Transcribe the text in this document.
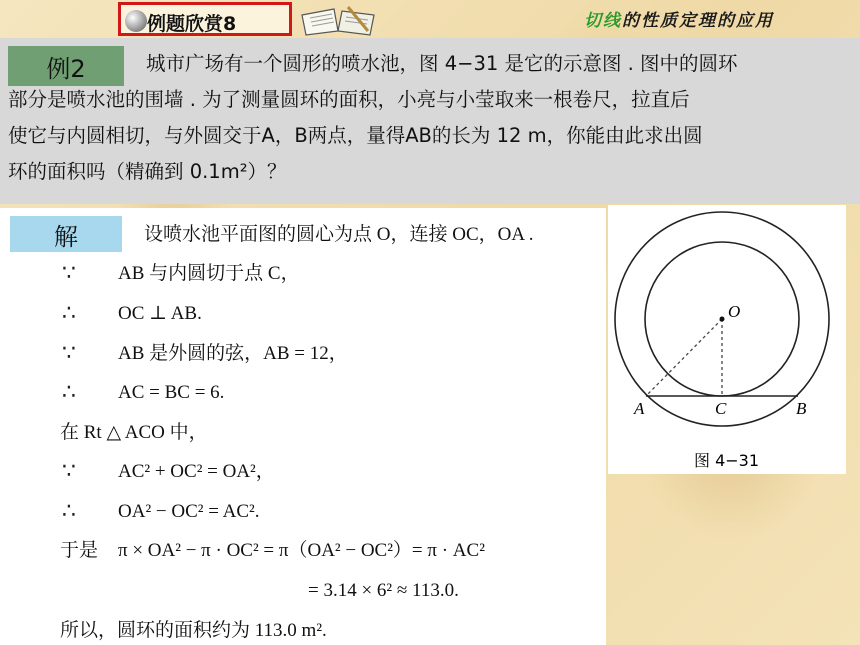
例题欣赏8	切线的性质定理的应用
例2	城市广场有一个圆形的喷水池，图 4−31 是它的示意图 . 图中的圆环
部分是喷水池的围墙 . 为了测量圆环的面积，小亮与小莹取来一根卷尺，拉直后
使它与内圆相切，与外圆交于A，B两点，量得AB的长为 12 m，你能由此求出圆
环的面积吗（精确到 0.1m²）？
解	设喷水池平面图的圆心为点 O，连接 OC，OA .
∵ AB 与内圆切于点 C，
∴ OC ⊥ AB.
∵ AB 是外圆的弦，AB = 12，
∴ AC = BC = 6.
在 Rt △ ACO 中，
∵ AC² + OC² = OA²，
∴ OA² − OC² = AC².
于是 π × OA² − π · OC² = π（OA² − OC²）= π · AC²
= 3.14 × 6² ≈ 113.0.
所以，圆环的面积约为 113.0 m².
O
A	C	B
图 4−31
